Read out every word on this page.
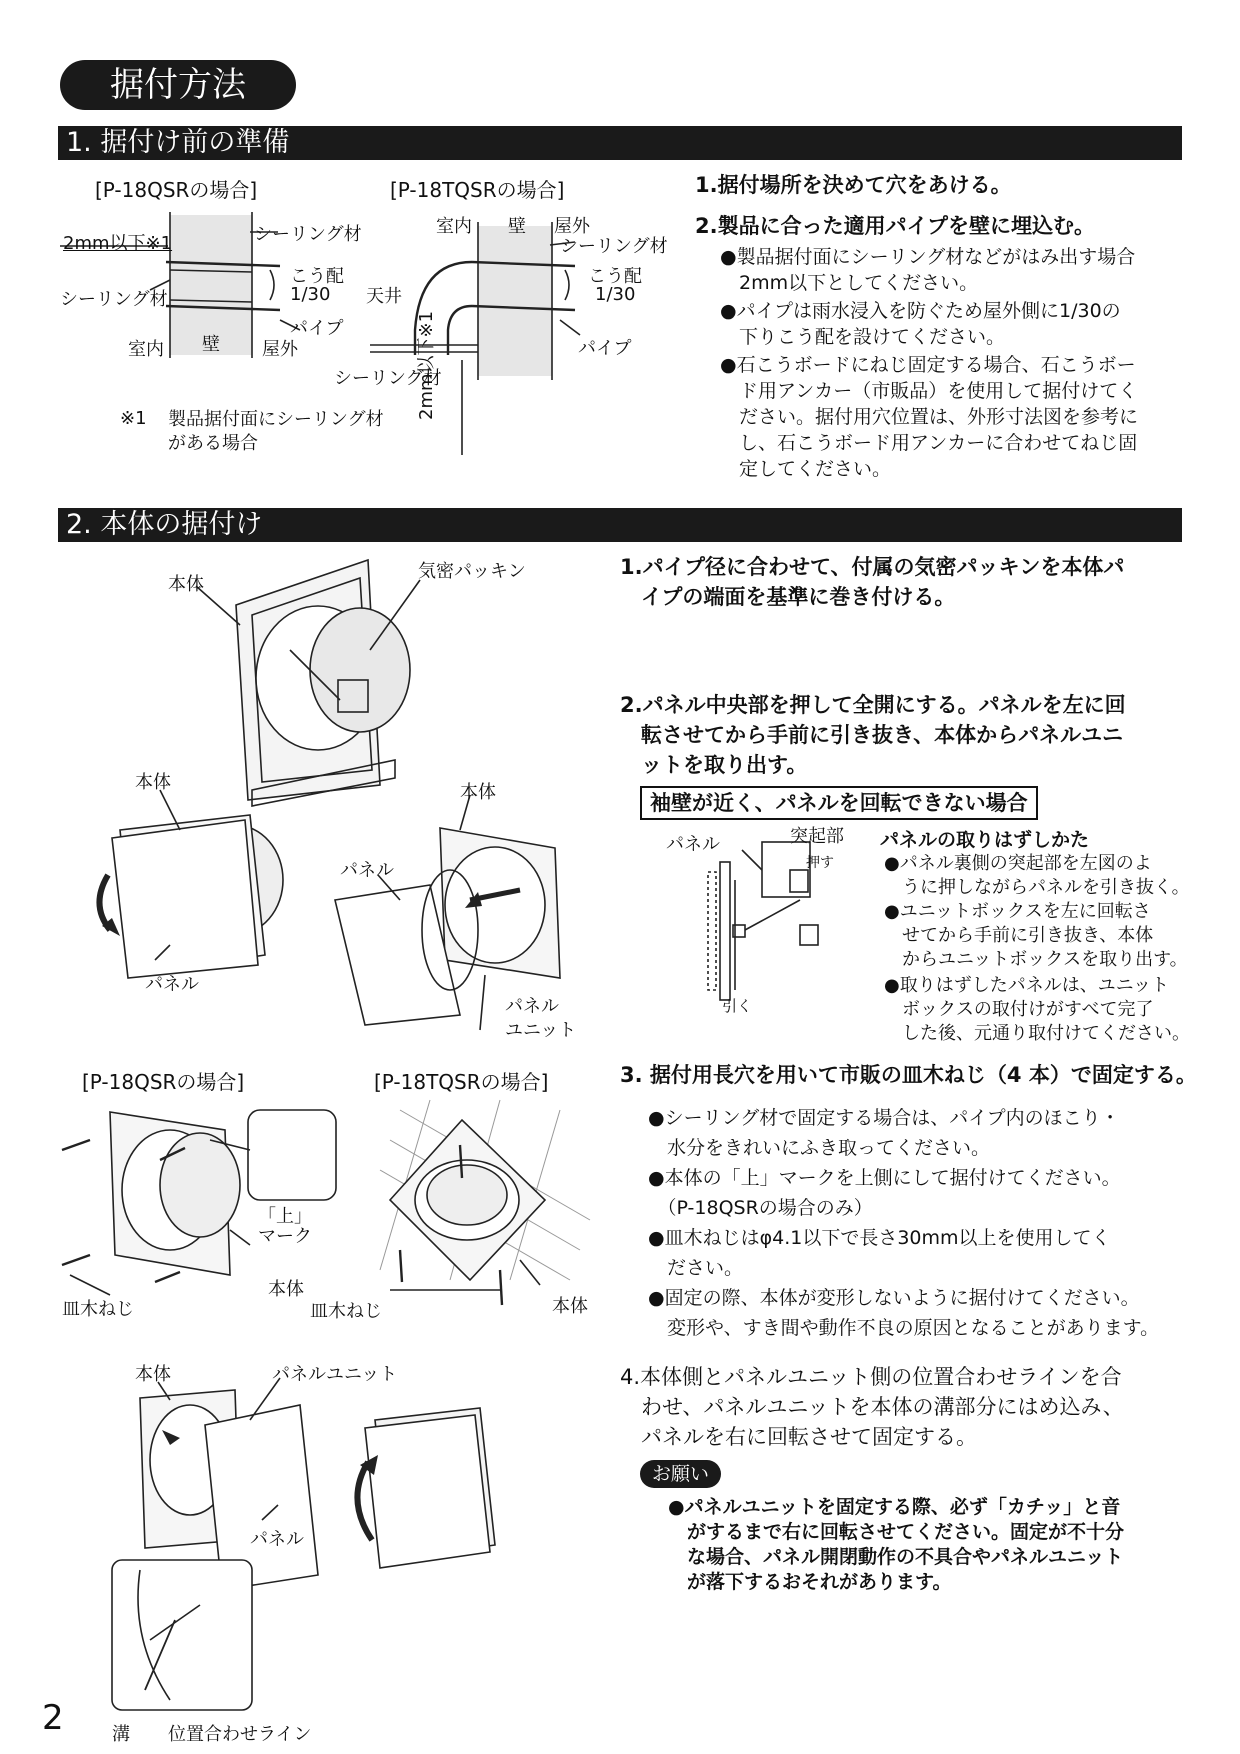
据付方法
1. 据付け前の準備
[P-18QSRの場合]	[P-18TQSRの場合]
2mm以下※1	シーリング材
シーリング材
こう配
1/30
パイプ
室内 壁 屋外
室内 壁 屋外
シーリング材
こう配
1/30
天井
パイプ
シーリング材
2mm以下※1
※1 製品据付面にシーリング材
がある場合
1.据付場所を決めて穴をあける。
2.製品に合った適用パイプを壁に埋込む。
●製品据付面にシーリング材などがはみ出す場合
　2mm以下としてください。
●パイプは雨水浸入を防ぐため屋外側に1/30の
　下りこう配を設けてください。
●石こうボードにねじ固定する場合、石こうボー
　ド用アンカー（市販品）を使用して据付けてく
　ださい。据付用穴位置は、外形寸法図を参考に
　し、石こうボード用アンカーに合わせてねじ固
　定してください。
2. 本体の据付け
本体
気密パッキン
本体
パネル
本体
パネル
パネル
ユニット
1.パイプ径に合わせて、付属の気密パッキンを本体パ
　イプの端面を基準に巻き付ける。
2.パネル中央部を押して全開にする。パネルを左に回
　転させてから手前に引き抜き、本体からパネルユニ
　ットを取り出す。
袖壁が近く、パネルを回転できない場合
パネル	突起部
押す
引く
パネルの取りはずしかた
●パネル裏側の突起部を左図のよ
　うに押しながらパネルを引き抜く。
●ユニットボックスを左に回転さ
　せてから手前に引き抜き、本体
　からユニットボックスを取り出す。
●取りはずしたパネルは、ユニット
　ボックスの取付けがすべて完了
　した後、元通り取付けてください。
[P-18QSRの場合]	[P-18TQSRの場合]
「上」
マーク
本体
皿木ねじ	皿木ねじ	本体
3. 据付用長穴を用いて市販の皿木ねじ（4 本）で固定する。
●シーリング材で固定する場合は、パイプ内のほこり・
　水分をきれいにふき取ってください。
●本体の「上」マークを上側にして据付けてください。
　（P-18QSRの場合のみ）
●皿木ねじはφ4.1以下で長さ30mm以上を使用してく
　ださい。
●固定の際、本体が変形しないように据付けてください。
　変形や、すき間や動作不良の原因となることがあります。
本体	パネルユニット
パネル
溝 位置合わせライン
4.本体側とパネルユニット側の位置合わせラインを合
　わせ、パネルユニットを本体の溝部分にはめ込み、
　パネルを右に回転させて固定する。
お願い
●パネルユニットを固定する際、必ず「カチッ」と音
　がするまで右に回転させてください。固定が不十分
　な場合、パネル開閉動作の不具合やパネルユニット
　が落下するおそれがあります。
2
